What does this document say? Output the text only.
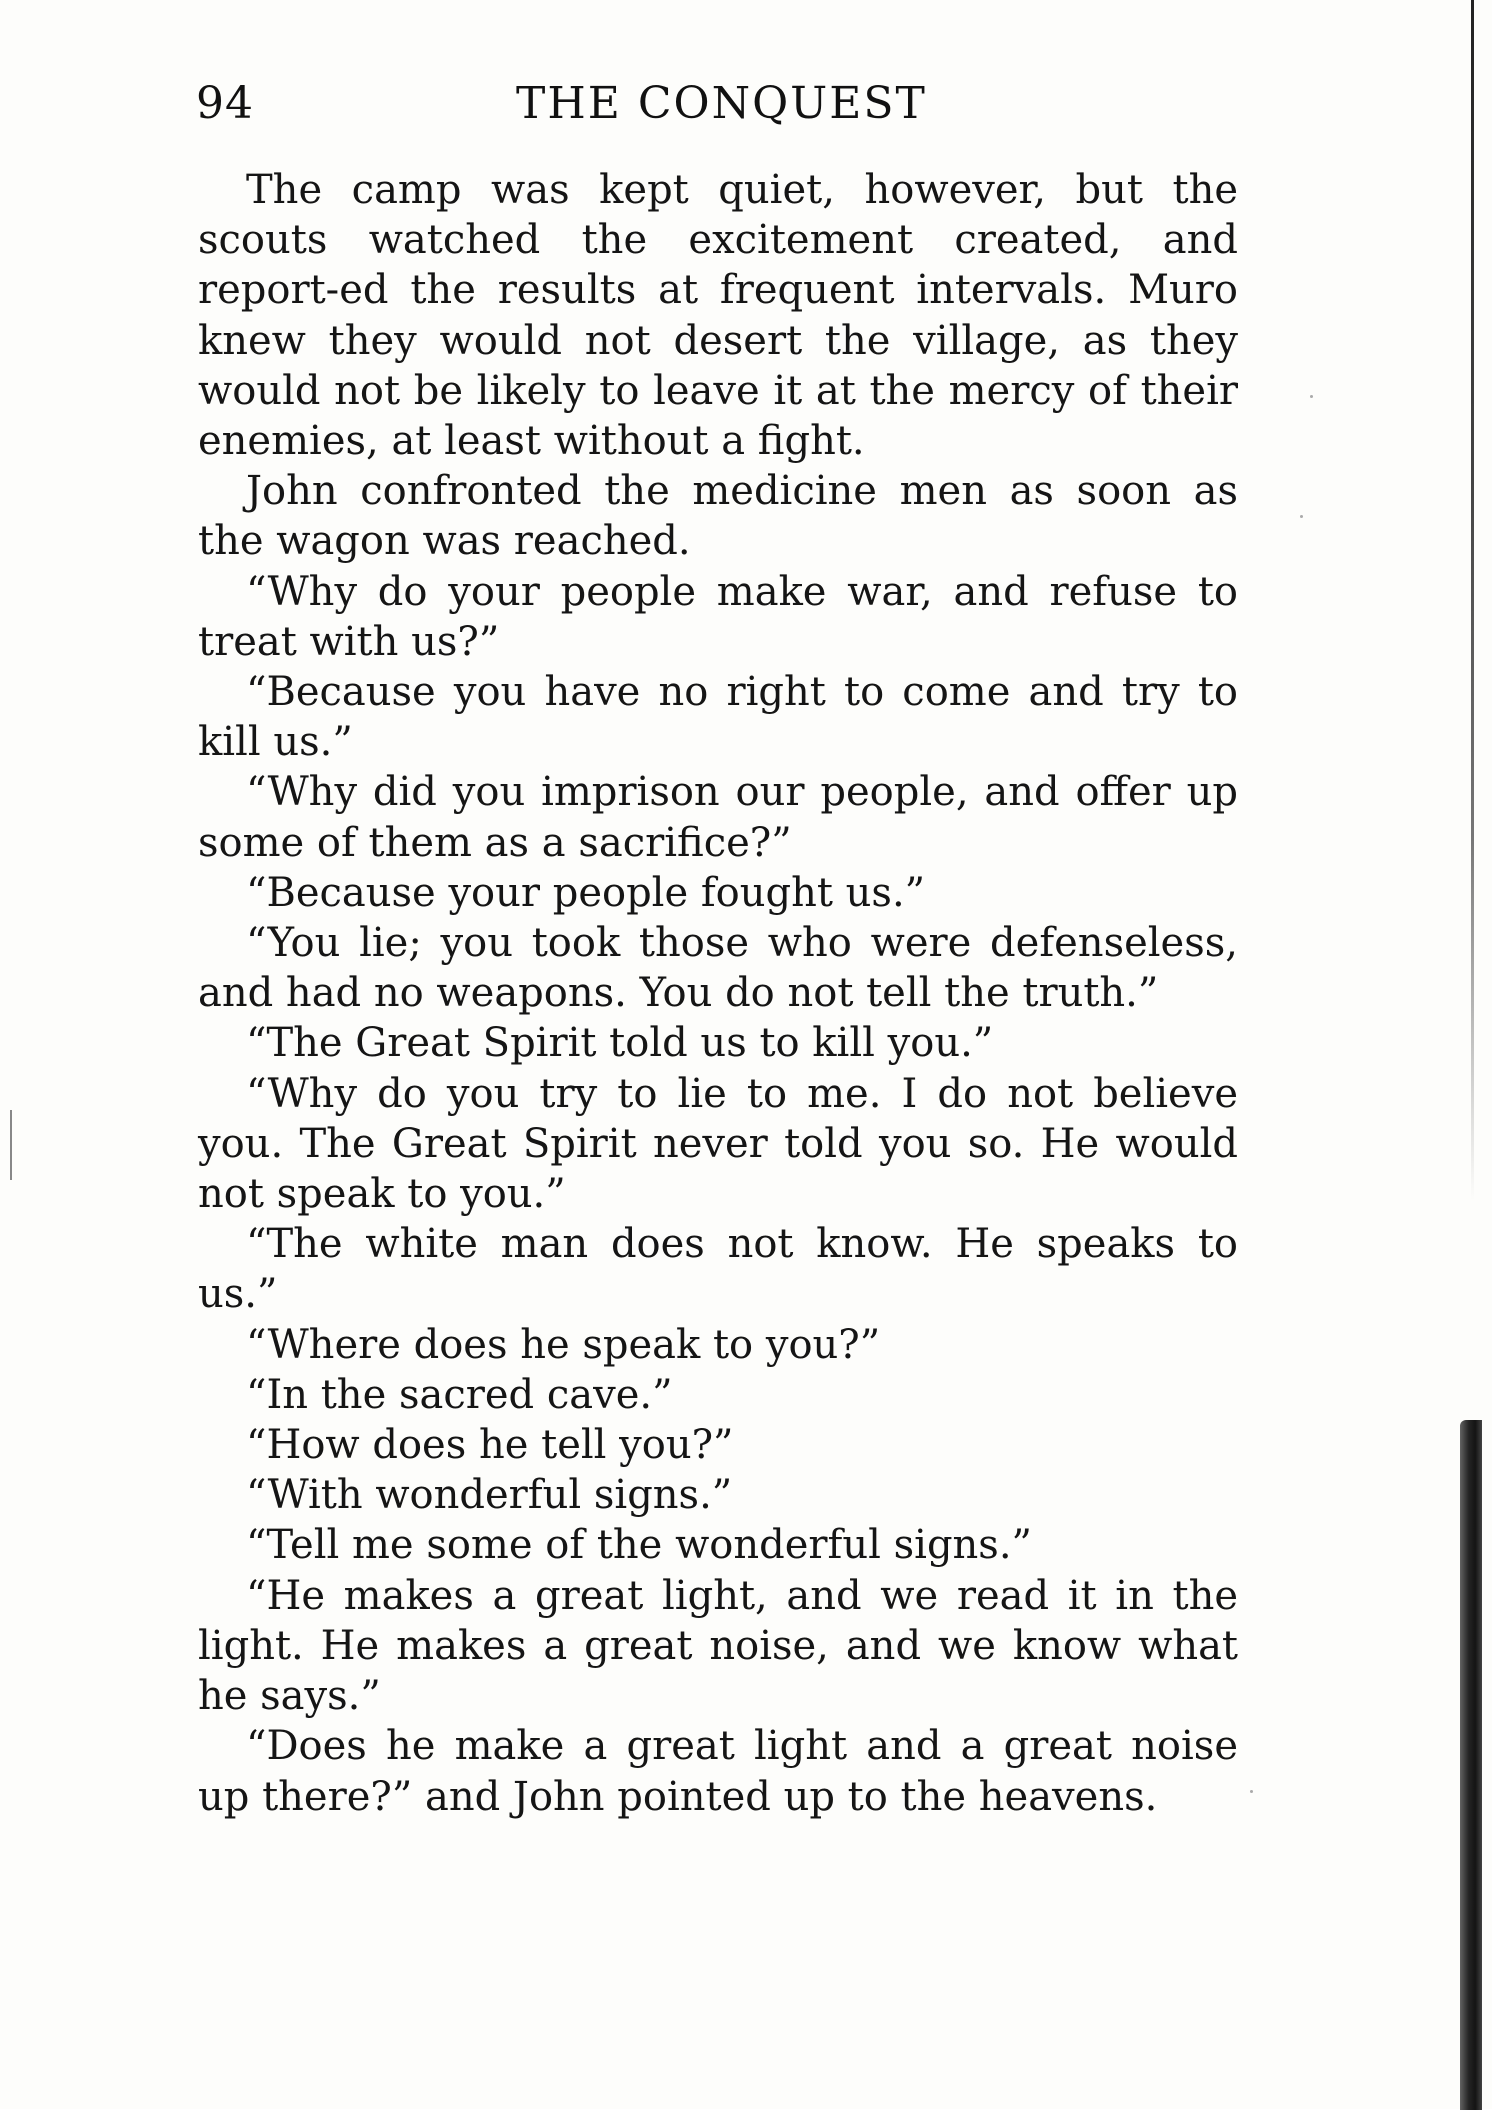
94	THE CONQUEST

The camp was kept quiet, however, but the scouts watched the excitement created, and report-ed the results at frequent intervals. Muro knew they would not desert the village, as they would not be likely to leave it at the mercy of their enemies, at least without a fight.

John confronted the medicine men as soon as the wagon was reached.

“Why do your people make war, and refuse to treat with us?”

“Because you have no right to come and try to kill us.”

“Why did you imprison our people, and offer up some of them as a sacrifice?”

“Because your people fought us.”

“You lie; you took those who were defenseless, and had no weapons. You do not tell the truth.”

“The Great Spirit told us to kill you.”

“Why do you try to lie to me. I do not believe you. The Great Spirit never told you so. He would not speak to you.”

“The white man does not know. He speaks to us.”

“Where does he speak to you?”

“In the sacred cave.”

“How does he tell you?”

“With wonderful signs.”

“Tell me some of the wonderful signs.”

“He makes a great light, and we read it in the light. He makes a great noise, and we know what he says.”

“Does he make a great light and a great noise up there?” and John pointed up to the heavens.
